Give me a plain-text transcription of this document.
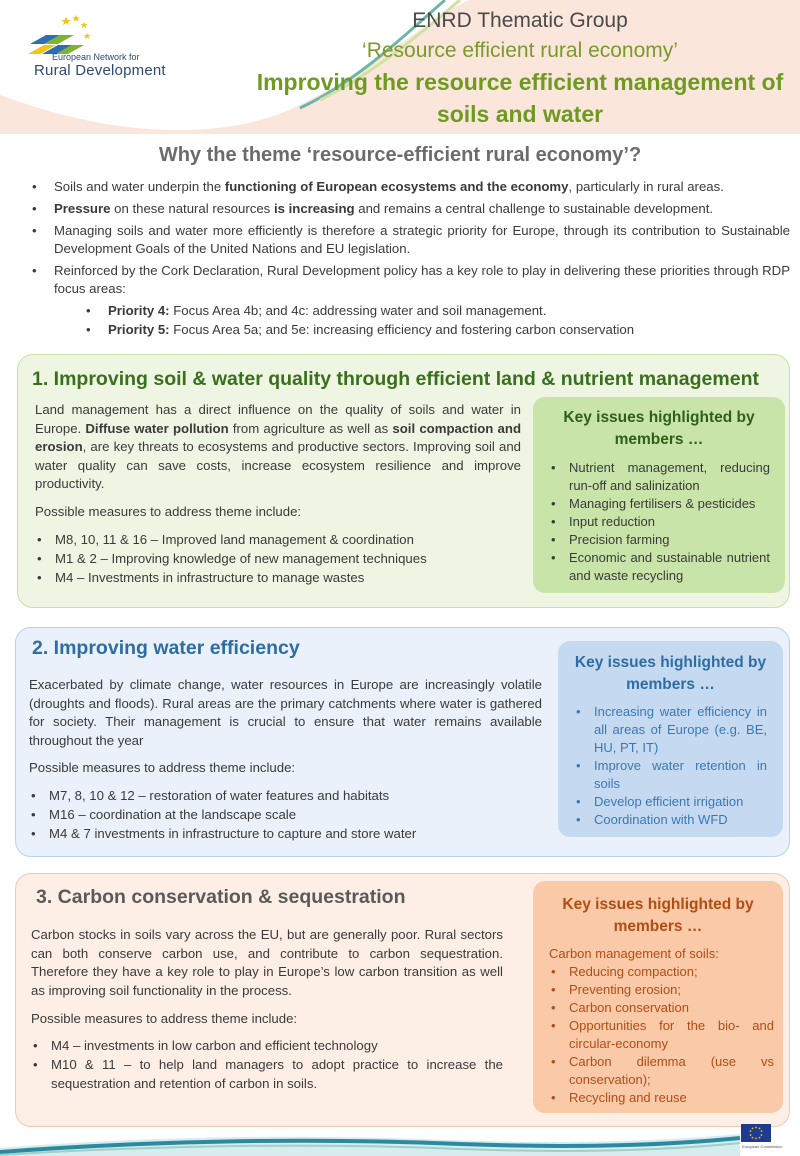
European Network for
Rural Development
ENRD Thematic Group
‘Resource efficient rural economy’
Improving the resource efficient management of soils and water
Why the theme ‘resource-efficient rural economy’?
• Soils and water underpin the functioning of European ecosystems and the economy, particularly in rural areas.
• Pressure on these natural resources is increasing and remains a central challenge to sustainable development.
• Managing soils and water more efficiently is therefore a strategic priority for Europe, through its contribution to Sustainable Development Goals of the United Nations and EU legislation.
• Reinforced by the Cork Declaration, Rural Development policy has a key role to play in delivering these priorities through RDP focus areas:
• Priority 4: Focus Area 4b; and 4c: addressing water and soil management.
• Priority 5: Focus Area 5a; and 5e: increasing efficiency and fostering carbon conservation
1. Improving soil & water quality through efficient land & nutrient management
Land management has a direct influence on the quality of soils and water in Europe. Diffuse water pollution from agriculture as well as soil compaction and erosion, are key threats to ecosystems and productive sectors. Improving soil and water quality can save costs, increase ecosystem resilience and improve productivity.
Possible measures to address theme include:
• M8, 10, 11 & 16 – Improved land management & coordination
• M1 & 2 – Improving knowledge of new management techniques
• M4 – Investments in infrastructure to manage wastes
Key issues highlighted by members …
• Nutrient management, reducing run-off and salinization
• Managing fertilisers & pesticides
• Input reduction
• Precision farming
• Economic and sustainable nutrient and waste recycling
2. Improving water efficiency
Exacerbated by climate change, water resources in Europe are increasingly volatile (droughts and floods). Rural areas are the primary catchments where water is gathered for society. Their management is crucial to ensure that water remains available throughout the year
Possible measures to address theme include:
• M7, 8, 10 & 12 – restoration of water features and habitats
• M16 – coordination at the landscape scale
• M4 & 7 investments in infrastructure to capture and store water
Key issues highlighted by members …
• Increasing water efficiency in all areas of Europe (e.g. BE, HU, PT, IT)
• Improve water retention in soils
• Develop efficient irrigation
• Coordination with WFD
3. Carbon conservation & sequestration
Carbon stocks in soils vary across the EU, but are generally poor. Rural sectors can both conserve carbon use, and contribute to carbon sequestration. Therefore they have a key role to play in Europe’s low carbon transition as well as improving soil functionality in the process.
Possible measures to address theme include:
• M4 – investments in low carbon and efficient technology
• M10 & 11 – to help land managers to adopt practice to increase the sequestration and retention of carbon in soils.
Key issues highlighted by members …
Carbon management of soils:
• Reducing compaction;
• Preventing erosion;
• Carbon conservation
• Opportunities for the bio- and circular-economy
• Carbon dilemma (use vs conservation);
• Recycling and reuse
European Commission
